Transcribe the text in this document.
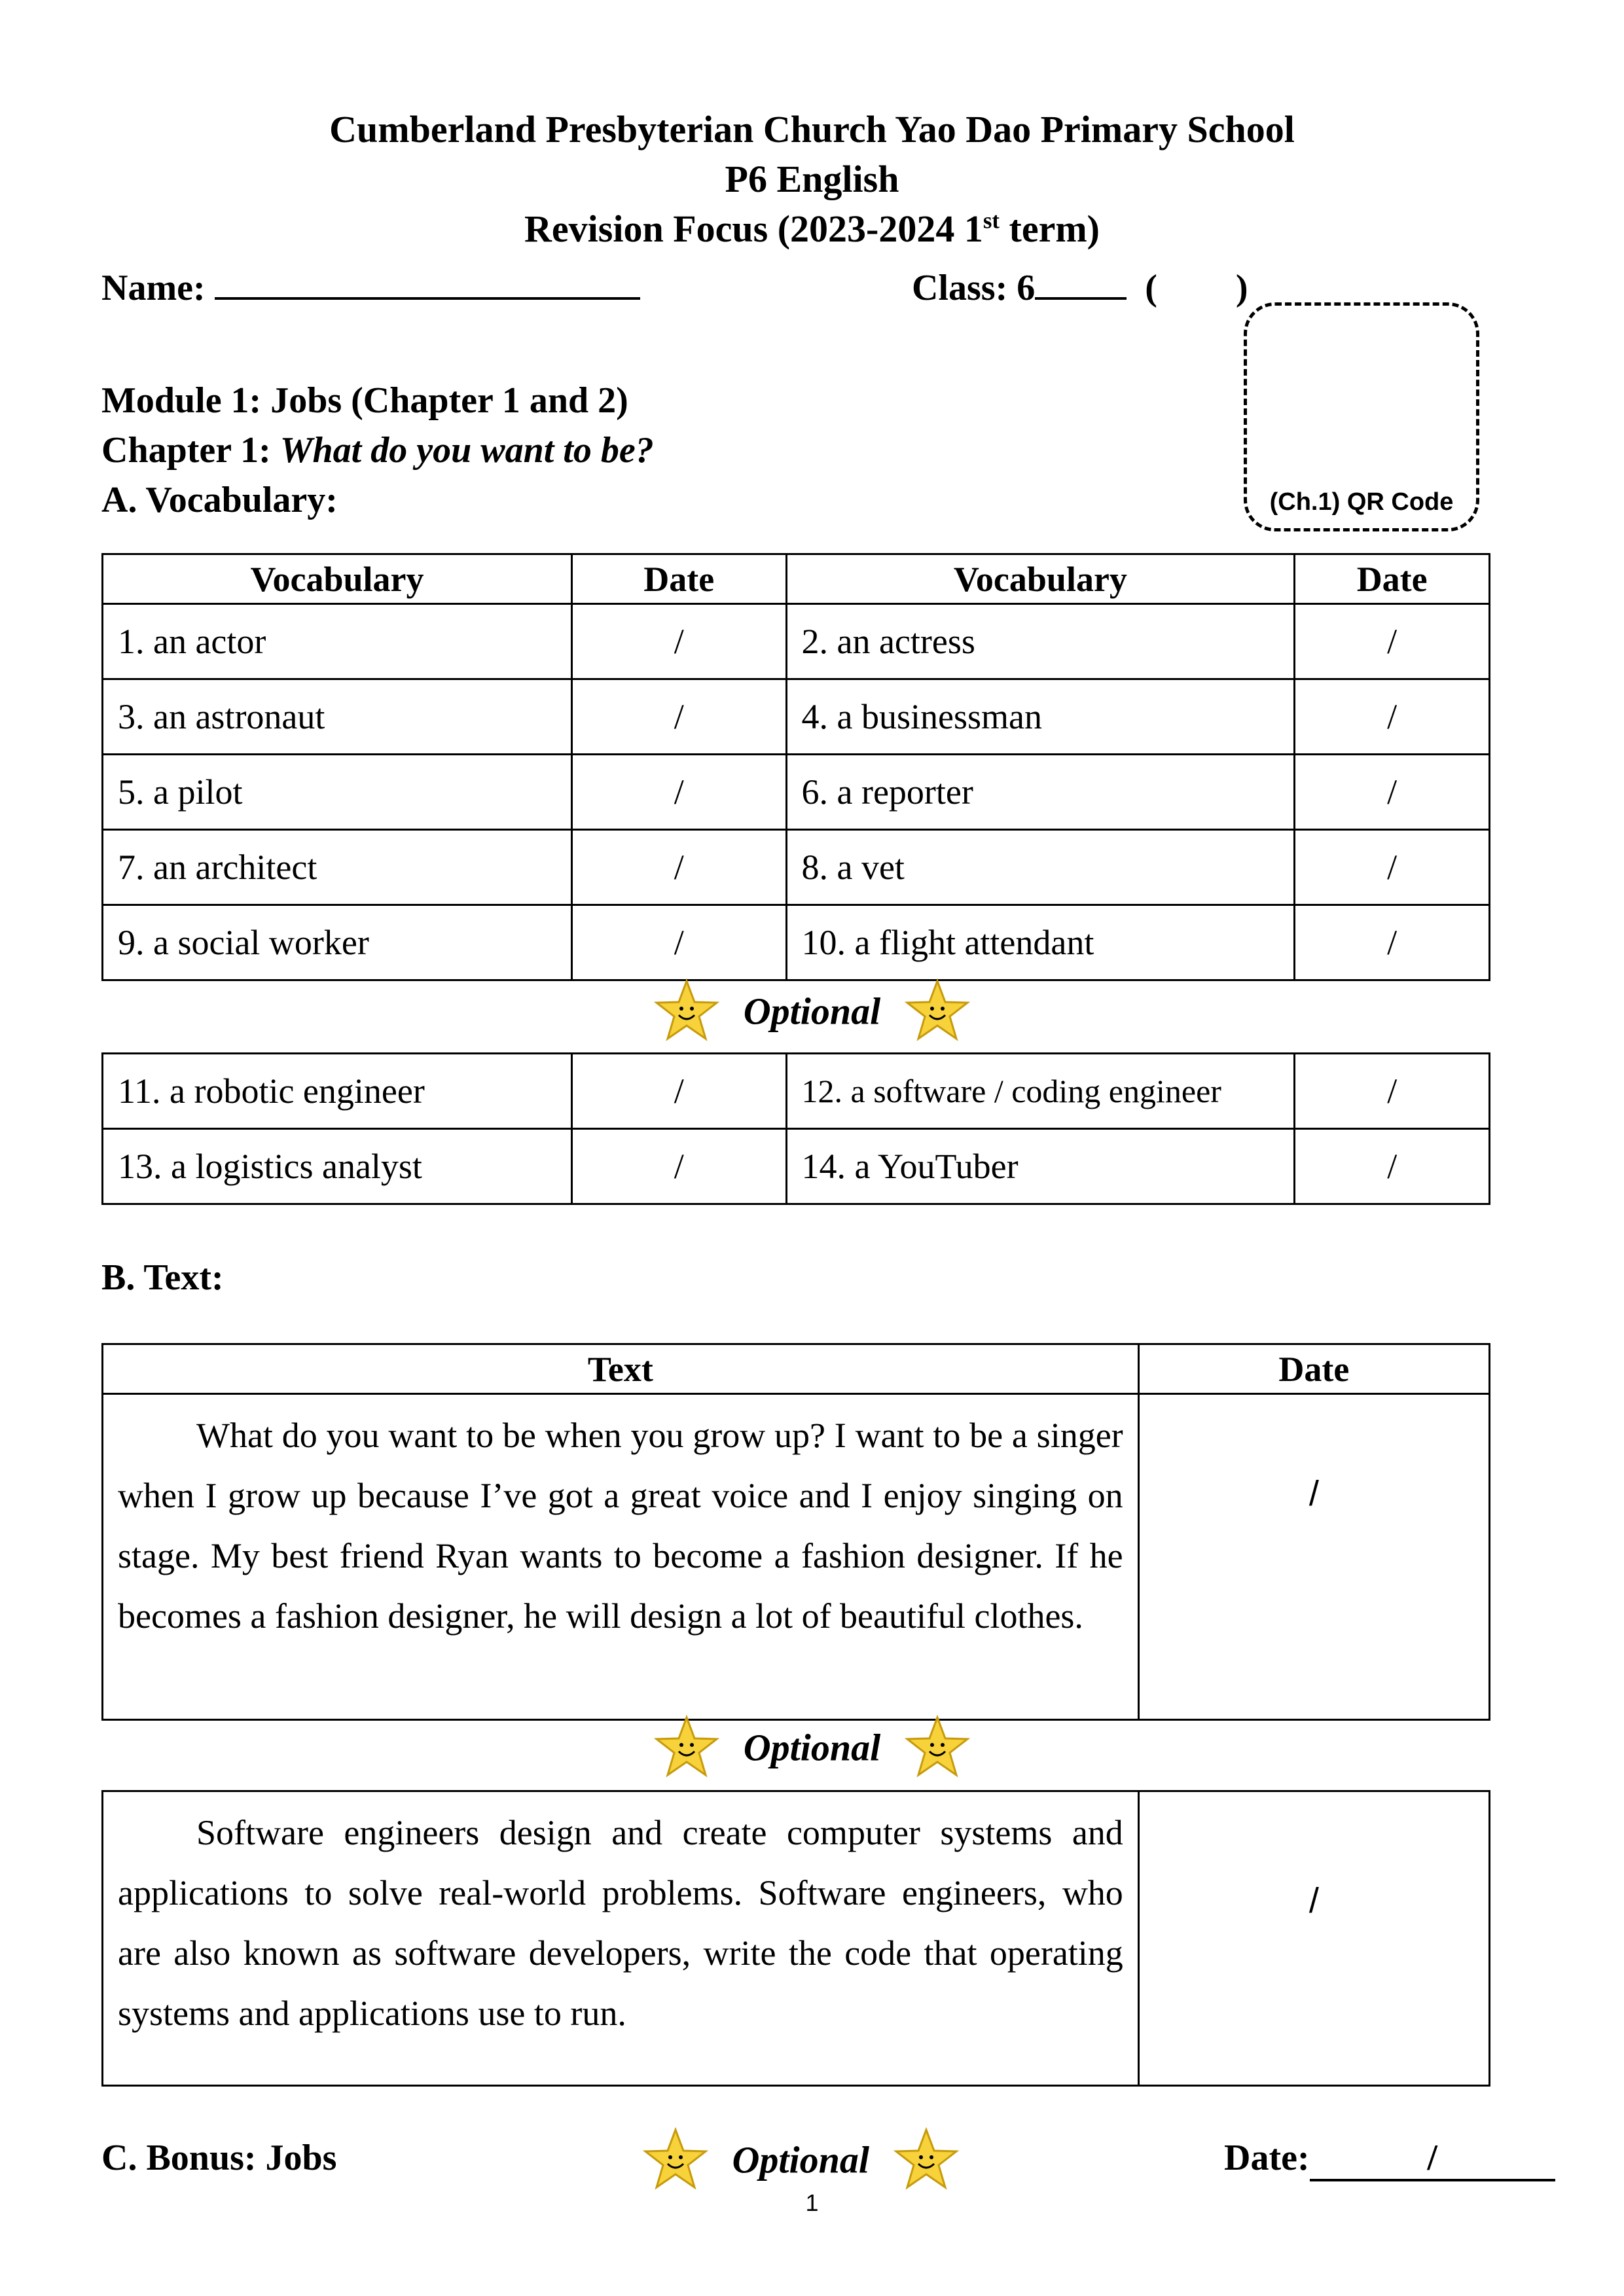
Cumberland Presbyterian Church Yao Dao Primary School
P6 English
Revision Focus (2023-2024 1st term)
Name:	Class: 6	( )
(Ch.1) QR Code
Module 1: Jobs (Chapter 1 and 2)
Chapter 1: What do you want to be?
A. Vocabulary:
Vocabulary	Date	Vocabulary	Date
1. an actor	/	2. an actress	/
3. an astronaut	/	4. a businessman	/
5. a pilot	/	6. a reporter	/
7. an architect	/	8. a vet	/
9. a social worker	/	10. a flight attendant	/
Optional
11. a robotic engineer	/	12. a software / coding engineer	/
13. a logistics analyst	/	14. a YouTuber	/
B. Text:
Text	Date
What do you want to be when you grow up? I want to be a singer when I grow up because I’ve got a great voice and I enjoy singing on stage. My best friend Ryan wants to become a fashion designer. If he becomes a fashion designer, he will design a lot of beautiful clothes.	/
Optional
Software engineers design and create computer systems and applications to solve real-world problems. Software engineers, who are also known as software developers, write the code that operating systems and applications use to run.	/
C. Bonus: Jobs	Optional	Date:	/
1
